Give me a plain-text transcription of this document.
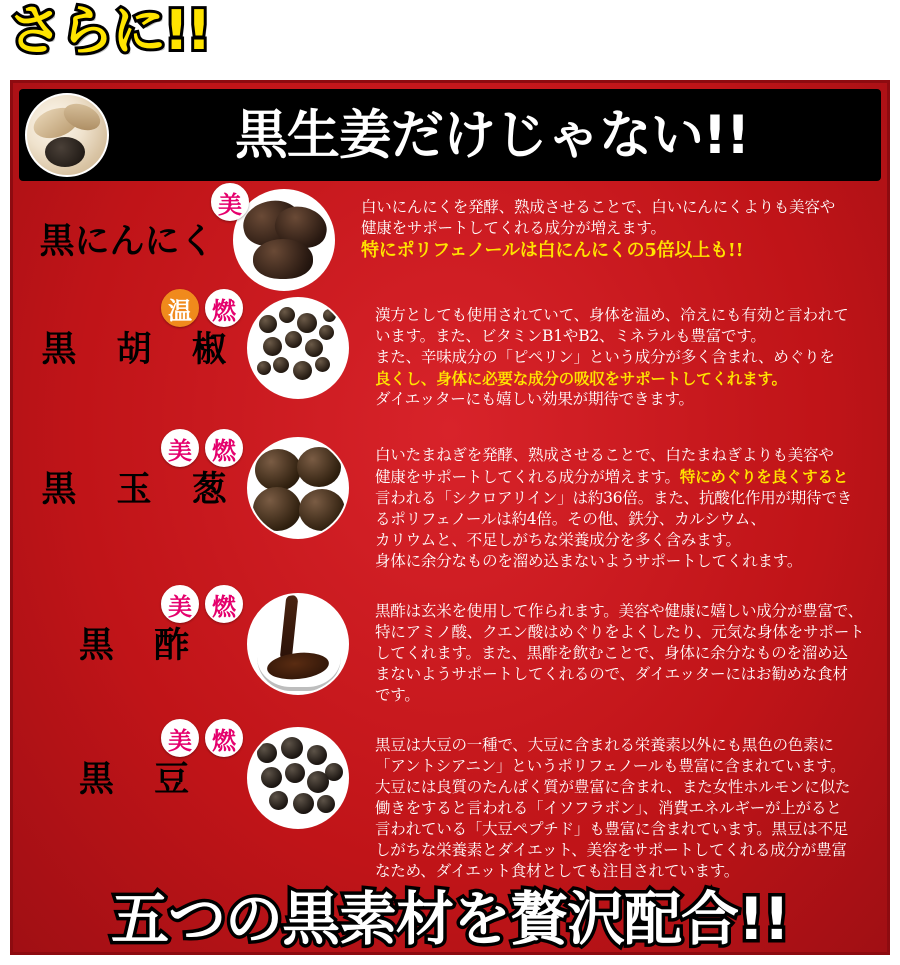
さらに!!
黒生姜だけじゃない!!
美
黒にんにく

白いにんにくを発酵、熟成させることで、白いにんにくよりも美容や

健康をサポートしてくれる成分が増えます。

特にポリフェノールは白にんにくの5倍以上も!!

温 燃
黒 胡 椒

漢方としても使用されていて、身体を温め、冷えにも有効と言われて

います。また、ビタミンB1やB2、ミネラルも豊富です。

また、辛味成分の「ピペリン」という成分が多く含まれ、めぐりを

良くし、身体に必要な成分の吸収をサポートしてくれます。

ダイエッターにも嬉しい効果が期待できます。

美 燃
黒 玉 葱

白いたまねぎを発酵、熟成させることで、白たまねぎよりも美容や

健康をサポートしてくれる成分が増えます。特にめぐりを良くすると

言われる「シクロアリイン」は約36倍。また、抗酸化作用が期待でき

るポリフェノールは約4倍。その他、鉄分、カルシウム、

カリウムと、不足しがちな栄養成分を多く含みます。

身体に余分なものを溜め込まないようサポートしてくれます。

美 燃
黒 酢

黒酢は玄米を使用して作られます。美容や健康に嬉しい成分が豊富で、

特にアミノ酸、クエン酸はめぐりをよくしたり、元気な身体をサポート

してくれます。また、黒酢を飲むことで、身体に余分なものを溜め込

まないようサポートしてくれるので、ダイエッターにはお勧めな食材

です。

美 燃
黒 豆

黒豆は大豆の一種で、大豆に含まれる栄養素以外にも黒色の色素に

「アントシアニン」というポリフェノールも豊富に含まれています。

大豆には良質のたんぱく質が豊富に含まれ、また女性ホルモンに似た

働きをすると言われる「イソフラボン」、消費エネルギーが上がると

言われている「大豆ペプチド」も豊富に含まれています。黒豆は不足

しがちな栄養素とダイエット、美容をサポートしてくれる成分が豊富

なため、ダイエット食材としても注目されています。

五つの黒素材を贅沢配合!!
